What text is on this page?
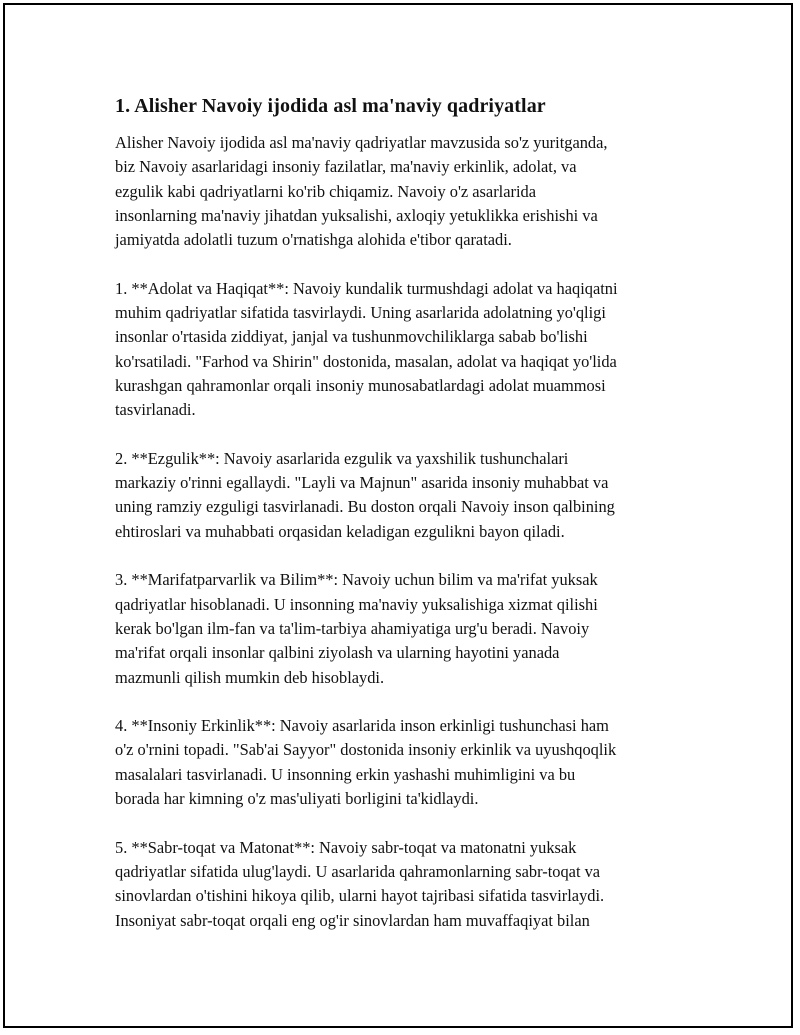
1. Alisher Navoiy ijodida asl ma'naviy qadriyatlar
Alisher Navoiy ijodida asl ma'naviy qadriyatlar mavzusida so'z yuritganda,
biz Navoiy asarlaridagi insoniy fazilatlar, ma'naviy erkinlik, adolat, va
ezgulik kabi qadriyatlarni ko'rib chiqamiz. Navoiy o'z asarlarida
insonlarning ma'naviy jihatdan yuksalishi, axloqiy yetuklikka erishishi va
jamiyatda adolatli tuzum o'rnatishga alohida e'tibor qaratadi.
1. **Adolat va Haqiqat**: Navoiy kundalik turmushdagi adolat va haqiqatni
muhim qadriyatlar sifatida tasvirlaydi. Uning asarlarida adolatning yo'qligi
insonlar o'rtasida ziddiyat, janjal va tushunmovchiliklarga sabab bo'lishi
ko'rsatiladi. "Farhod va Shirin" dostonida, masalan, adolat va haqiqat yo'lida
kurashgan qahramonlar orqali insoniy munosabatlardagi adolat muammosi
tasvirlanadi.
2. **Ezgulik**: Navoiy asarlarida ezgulik va yaxshilik tushunchalari
markaziy o'rinni egallaydi. "Layli va Majnun" asarida insoniy muhabbat va
uning ramziy ezguligi tasvirlanadi. Bu doston orqali Navoiy inson qalbining
ehtiroslari va muhabbati orqasidan keladigan ezgulikni bayon qiladi.
3. **Marifatparvarlik va Bilim**: Navoiy uchun bilim va ma'rifat yuksak
qadriyatlar hisoblanadi. U insonning ma'naviy yuksalishiga xizmat qilishi
kerak bo'lgan ilm-fan va ta'lim-tarbiya ahamiyatiga urg'u beradi. Navoiy
ma'rifat orqali insonlar qalbini ziyolash va ularning hayotini yanada
mazmunli qilish mumkin deb hisoblaydi.
4. **Insoniy Erkinlik**: Navoiy asarlarida inson erkinligi tushunchasi ham
o'z o'rnini topadi. "Sab'ai Sayyor" dostonida insoniy erkinlik va uyushqoqlik
masalalari tasvirlanadi. U insonning erkin yashashi muhimligini va bu
borada har kimning o'z mas'uliyati borligini ta'kidlaydi.
5. **Sabr-toqat va Matonat**: Navoiy sabr-toqat va matonatni yuksak
qadriyatlar sifatida ulug'laydi. U asarlarida qahramonlarning sabr-toqat va
sinovlardan o'tishini hikoya qilib, ularni hayot tajribasi sifatida tasvirlaydi.
Insoniyat sabr-toqat orqali eng og'ir sinovlardan ham muvaffaqiyat bilan
